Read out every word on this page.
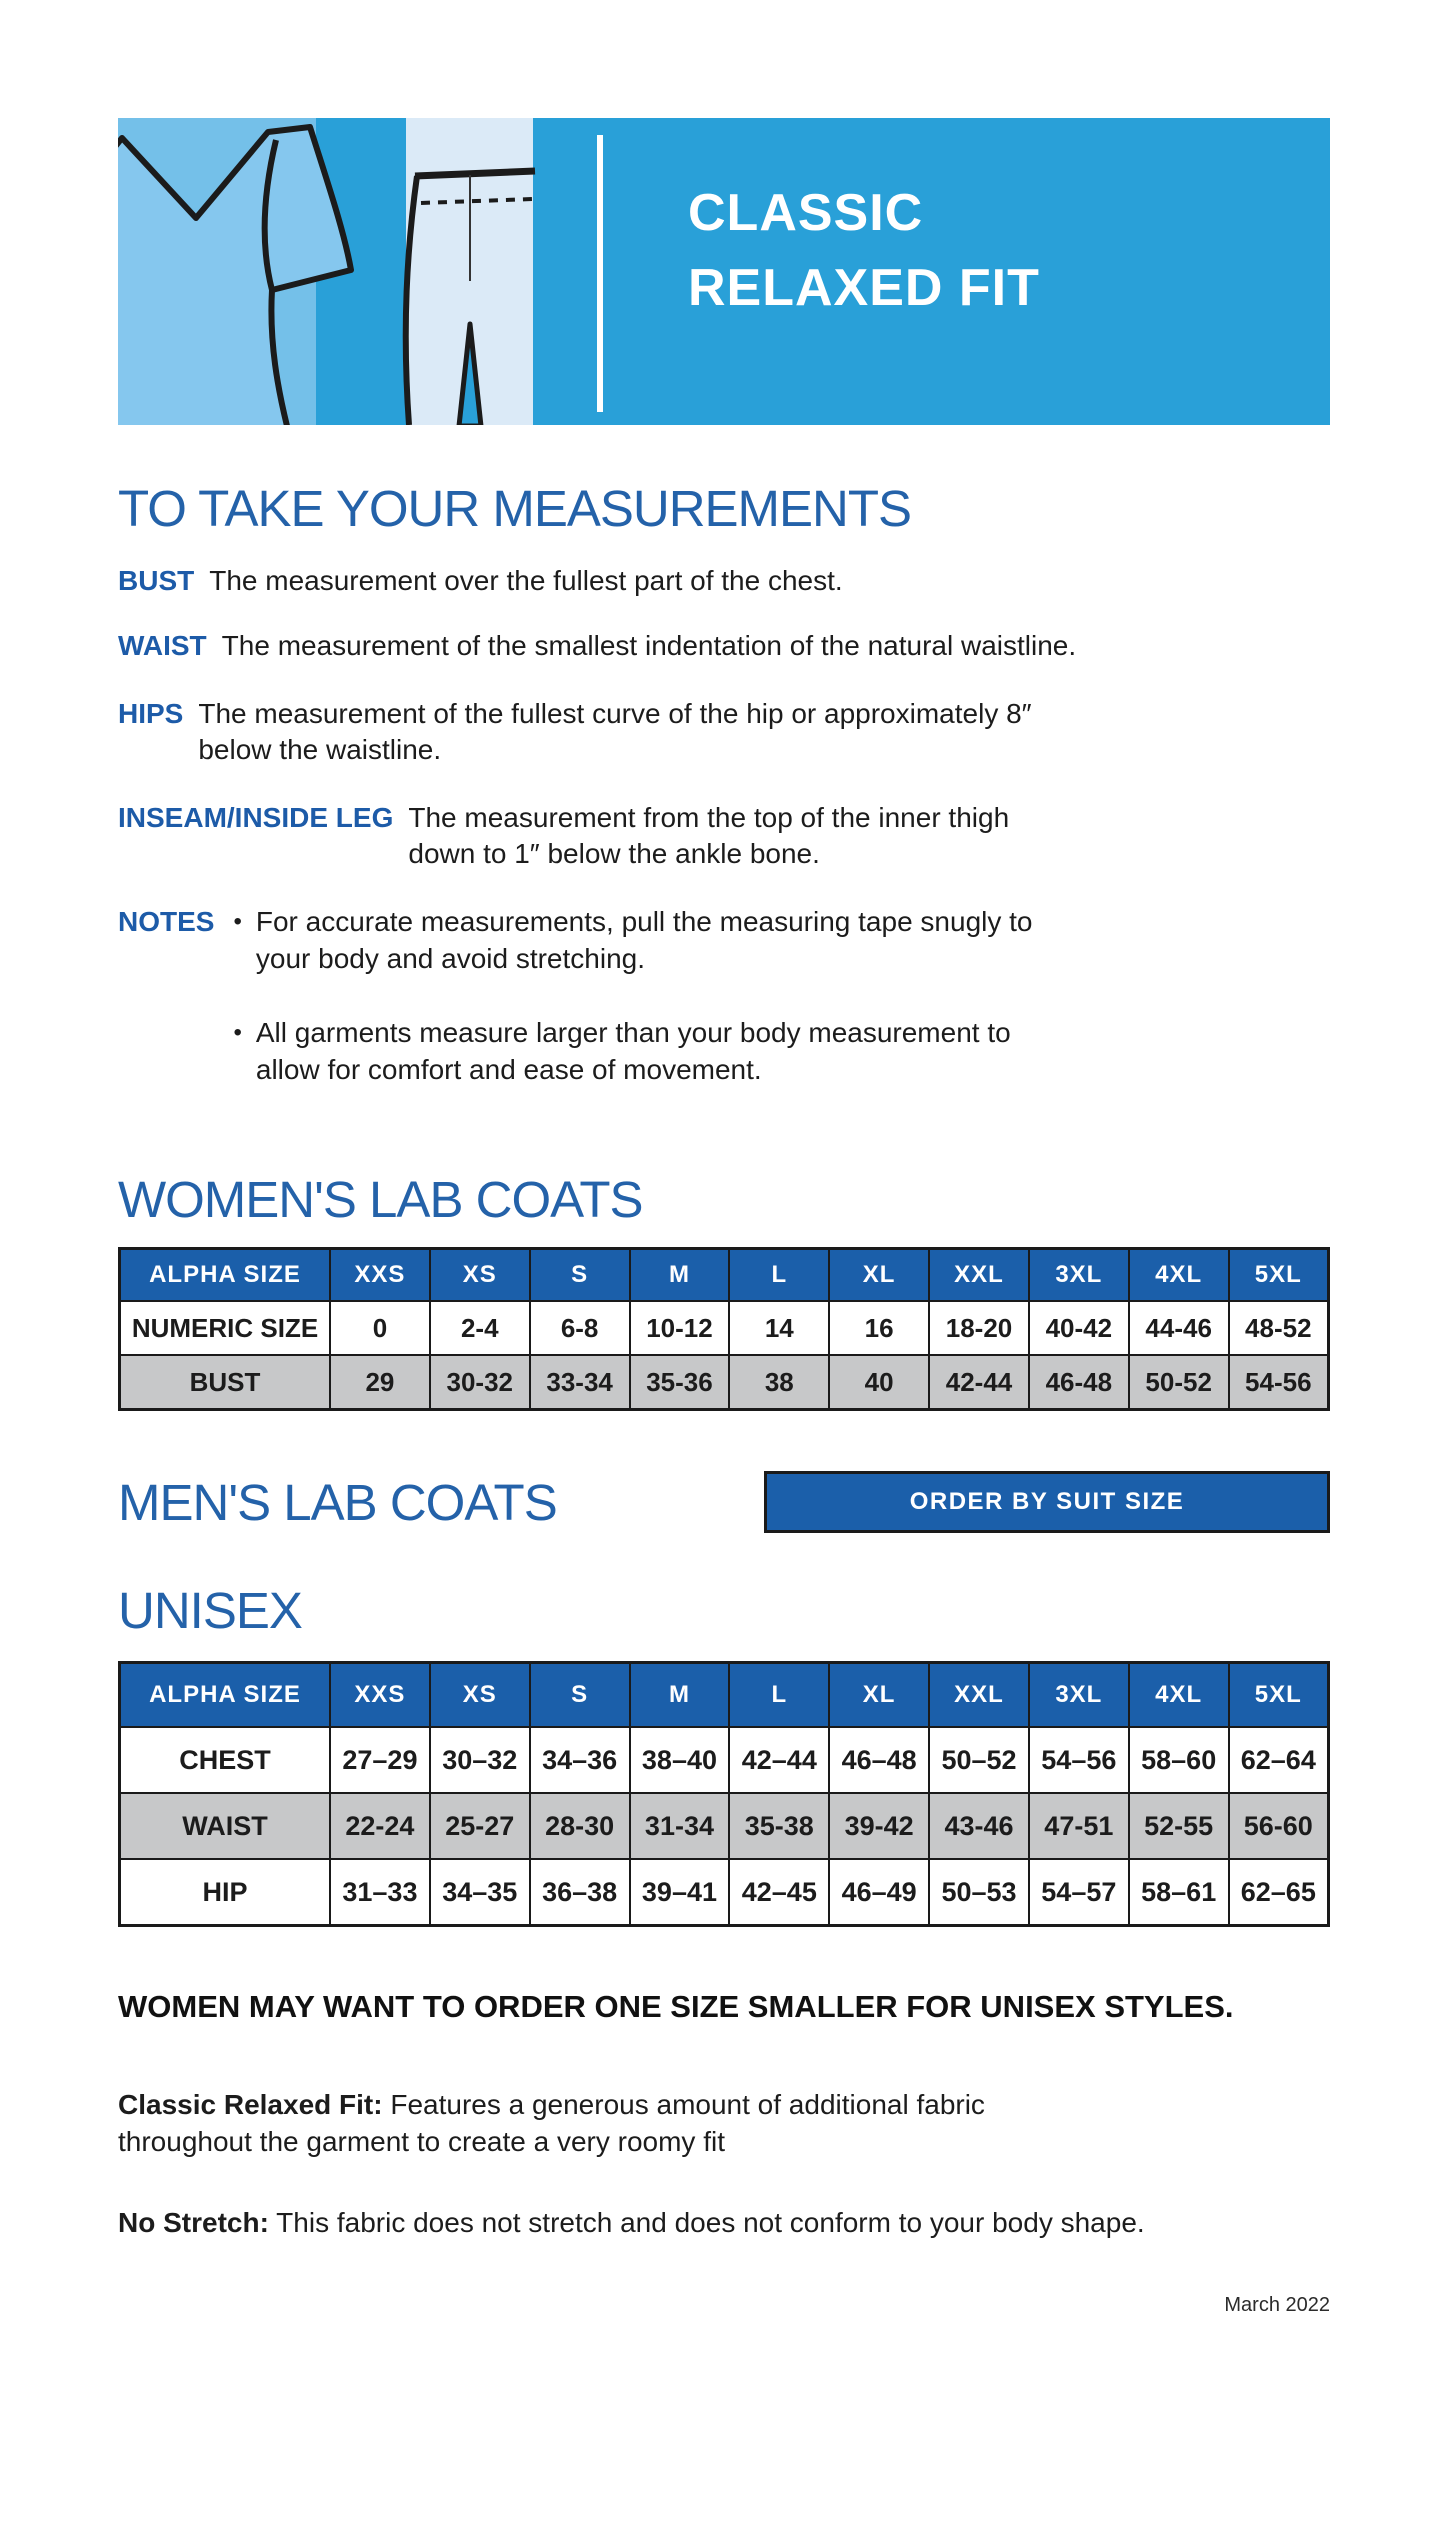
CLASSIC
RELAXED FIT
TO TAKE YOUR MEASUREMENTS
BUST The measurement over the fullest part of the chest.
WAIST The measurement of the smallest indentation of the natural waistline.
HIPS The measurement of the fullest curve of the hip or approximately 8″ below the waistline.
INSEAM/INSIDE LEG The measurement from the top of the inner thigh down to 1″ below the ankle bone.
NOTES • For accurate measurements, pull the measuring tape snugly to your body and avoid stretching.
• All garments measure larger than your body measurement to allow for comfort and ease of movement.
WOMEN'S LAB COATS
ALPHA SIZE	XXS	XS	S	M	L	XL	XXL	3XL	4XL	5XL
NUMERIC SIZE	0	2-4	6-8	10-12	14	16	18-20	40-42	44-46	48-52
BUST	29	30-32	33-34	35-36	38	40	42-44	46-48	50-52	54-56
MEN'S LAB COATS	ORDER BY SUIT SIZE
UNISEX
ALPHA SIZE	XXS	XS	S	M	L	XL	XXL	3XL	4XL	5XL
CHEST	27–29	30–32	34–36	38–40	42–44	46–48	50–52	54–56	58–60	62–64
WAIST	22-24	25-27	28-30	31-34	35-38	39-42	43-46	47-51	52-55	56-60
HIP	31–33	34–35	36–38	39–41	42–45	46–49	50–53	54–57	58–61	62–65
WOMEN MAY WANT TO ORDER ONE SIZE SMALLER FOR UNISEX STYLES.

Classic Relaxed Fit: Features a generous amount of additional fabric throughout the garment to create a very roomy fit

No Stretch: This fabric does not stretch and does not conform to your body shape.

March 2022
